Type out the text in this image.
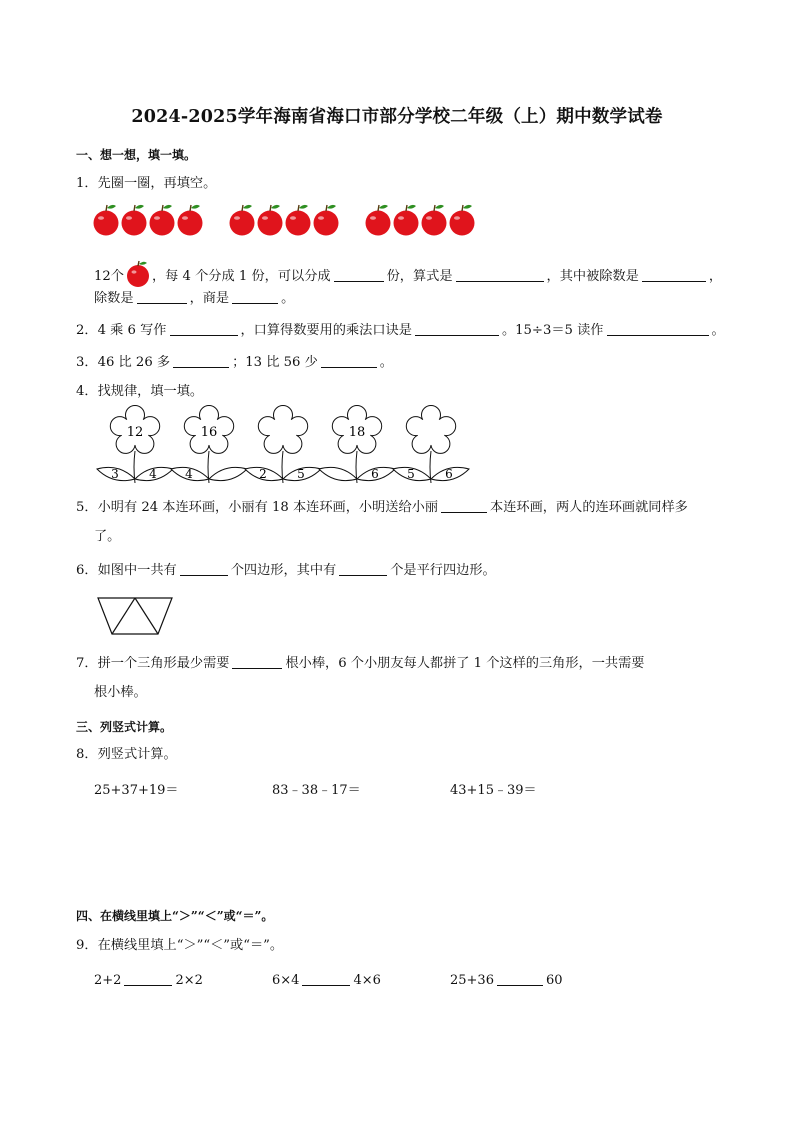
2024-2025学年海南省海口市部分学校二年级（上）期中数学试卷
一、想一想，填一填。
1．先圈一圈，再填空。
12个 ，每 4 个分成 1 份，可以分成	份，算式是	，其中被除数是	，
除数是	，商是	。
2．4 乘 6 写作	，口算得数要用的乘法口诀是	。15÷3＝5 读作	。
3．46 比 26 多	；13 比 56 少	。
4．找规律，填一填。
12
3	4
16
4	2	5
18
6 5	6
5．小明有 24 本连环画，小丽有 18 本连环画，小明送给小丽	本连环画，两人的连环画就同样多
了。
6．如图中一共有	个四边形，其中有	个是平行四边形。
7．拼一个三角形最少需要	根小棒，6 个小朋友每人都拼了 1 个这样的三角形，一共需要
根小棒。
三、列竖式计算。
8．列竖式计算。
25+37+19＝	83﹣38﹣17＝	43+15﹣39＝
四、在横线里填上“＞”“＜”或“＝”。
9．在横线里填上“＞”“＜”或“＝”。
2+2	2×2	6×4	4×6	25+36	60
